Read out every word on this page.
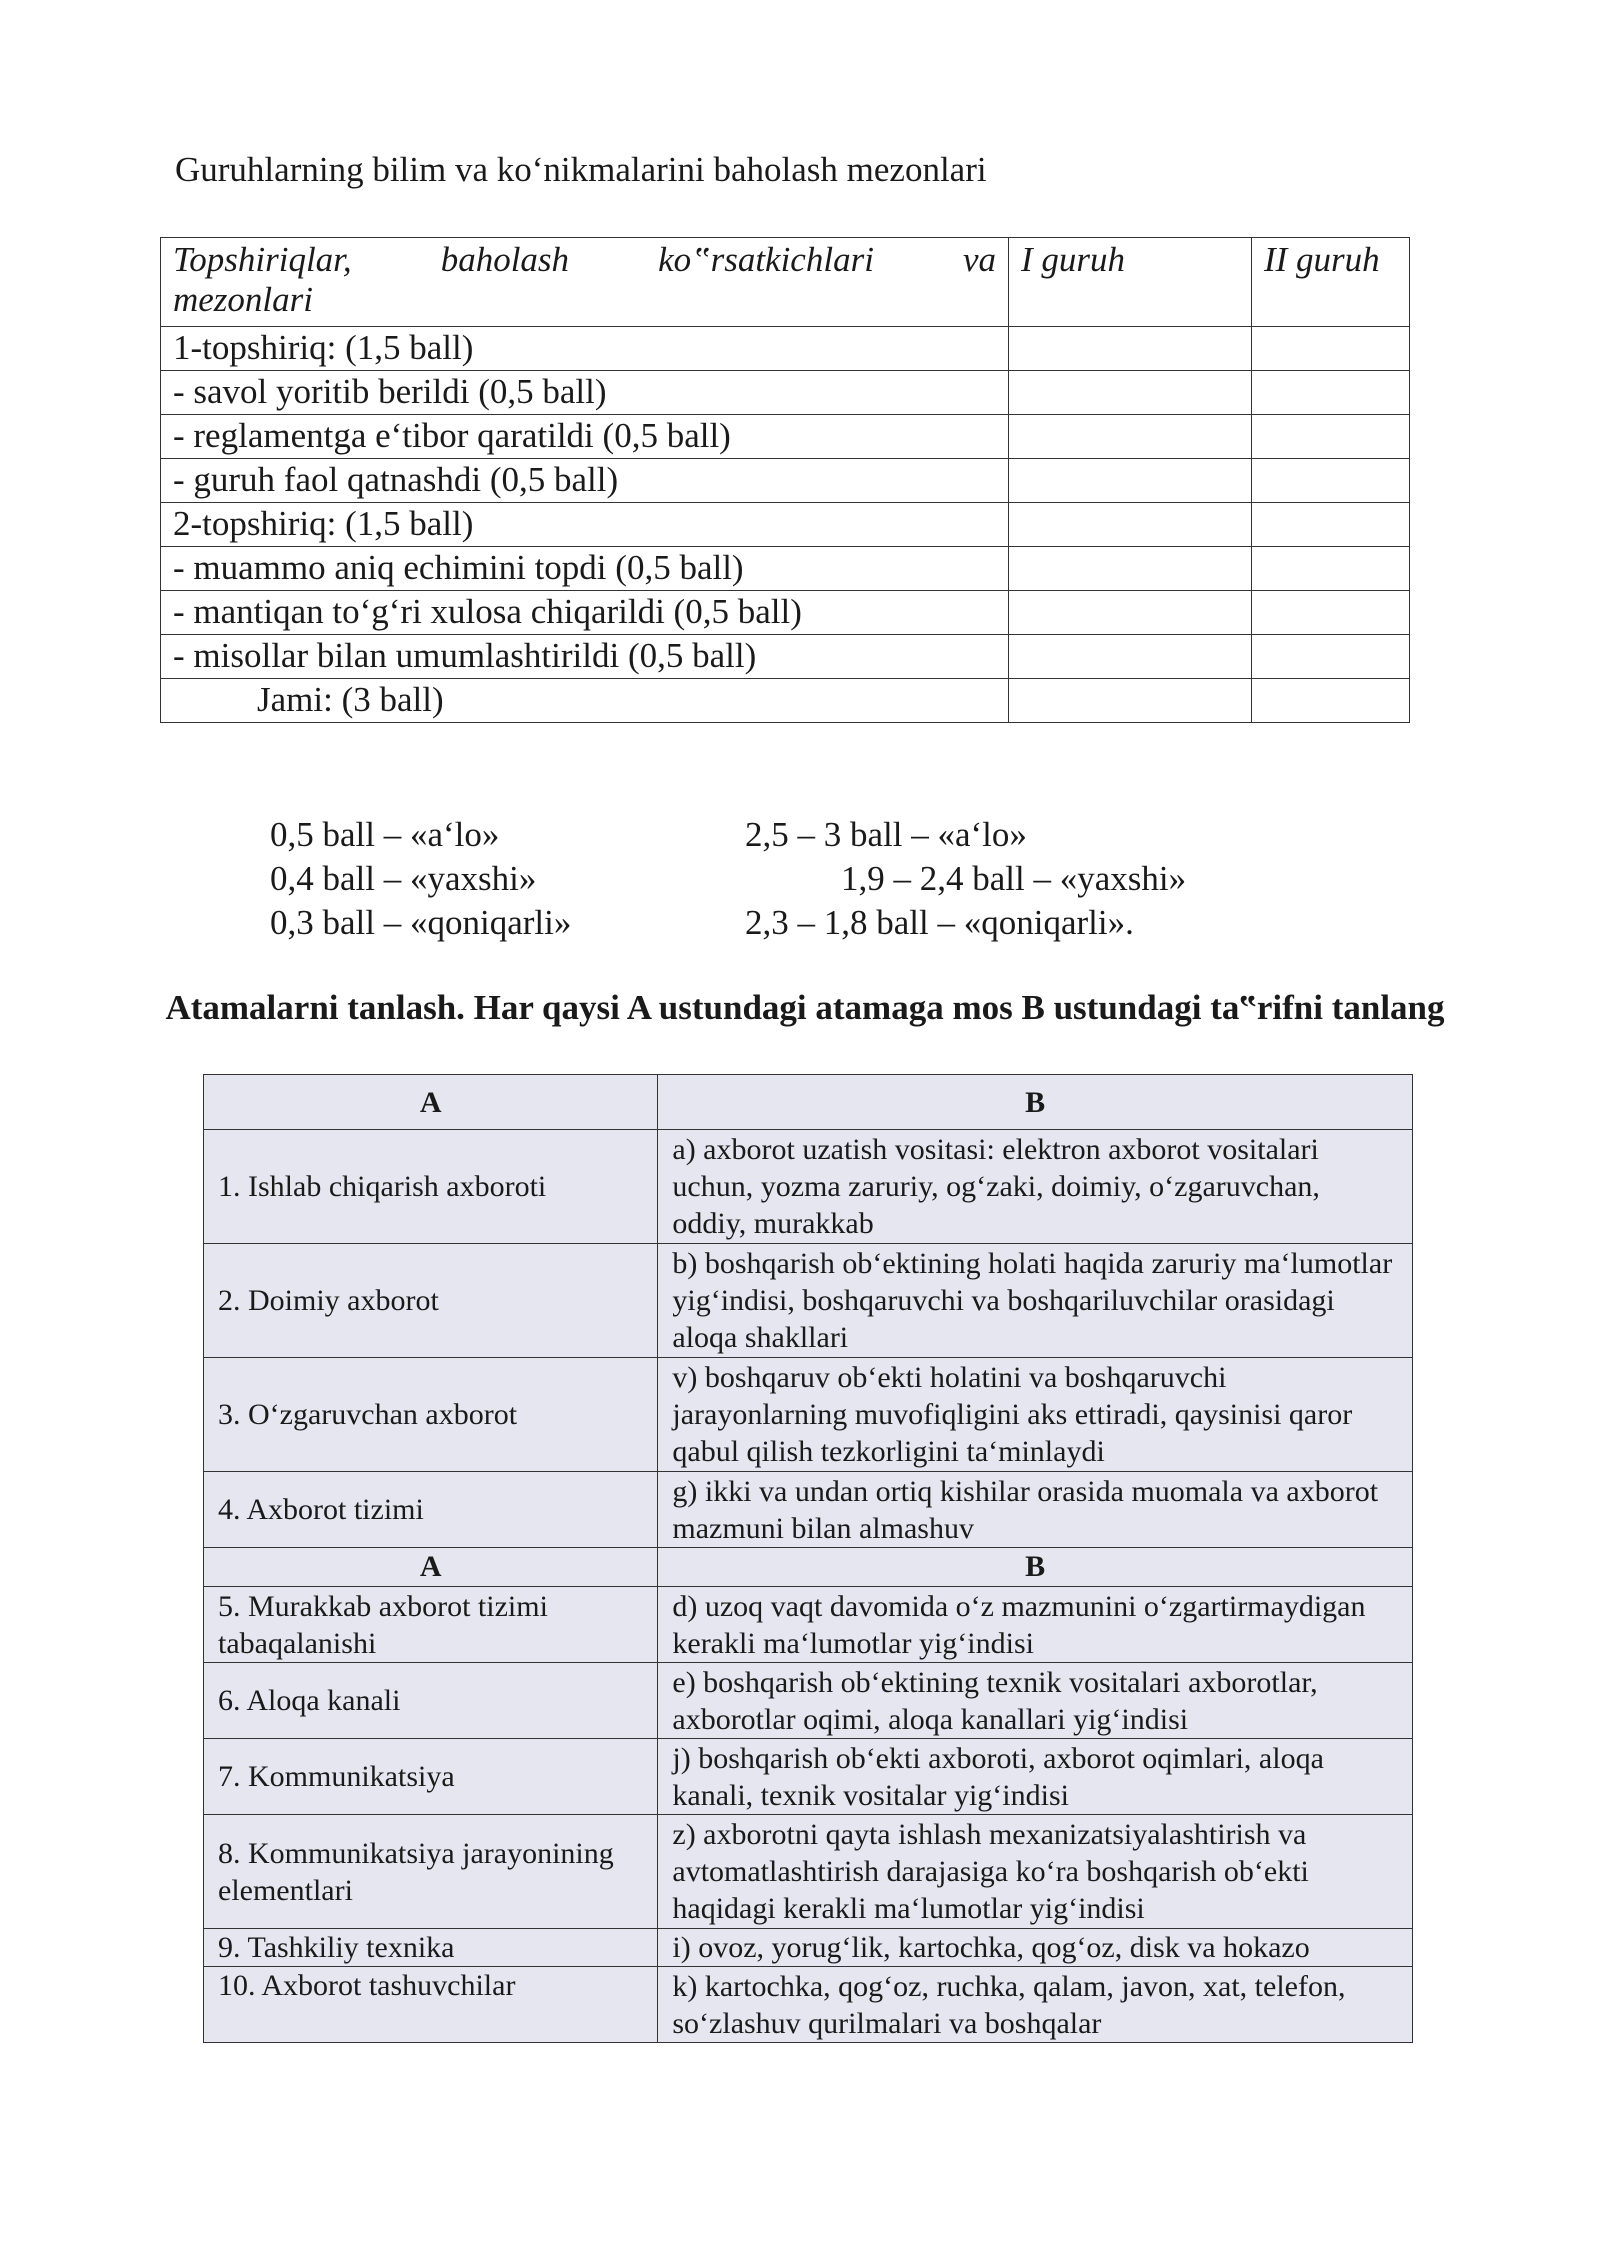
Guruhlarning bilim va ko‘nikmalarini baholash mezonlari
Topshiriqlar, baholash ko‟rsatkichlari va
mezonlari	I guruh	II guruh
1-topshiriq: (1,5 ball)		
- savol yoritib berildi (0,5 ball)		
- reglamentga e‘tibor qaratildi (0,5 ball)		
- guruh faol qatnashdi (0,5 ball)		
2-topshiriq: (1,5 ball)		
- muammo aniq echimini topdi (0,5 ball)		
- mantiqan to‘g‘ri xulosa chiqarildi (0,5 ball)		
- misollar bilan umumlashtirildi (0,5 ball)		
Jami: (3 ball)		
0,5 ball – «a‘lo»
0,4 ball – «yaxshi»
0,3 ball – «qoniqarli»
2,5 – 3 ball – «a‘lo»
1,9 – 2,4 ball – «yaxshi»
2,3 – 1,8 ball – «qoniqarli».
Atamalarni tanlash. Har qaysi A ustundagi atamaga mos B ustundagi ta‟rifni tanlang
A	B
1. Ishlab chiqarish axboroti	a) axborot uzatish vositasi: elektron axborot vositalari uchun, yozma zaruriy, og‘zaki, doimiy, o‘zgaruvchan, oddiy, murakkab
2. Doimiy axborot	b) boshqarish ob‘ektining holati haqida zaruriy ma‘lumotlar yig‘indisi, boshqaruvchi va boshqariluvchilar orasidagi aloqa shakllari
3. O‘zgaruvchan axborot	v) boshqaruv ob‘ekti holatini va boshqaruvchi jarayonlarning muvofiqligini aks ettiradi, qaysinisi qaror qabul qilish tezkorligini ta‘minlaydi
4. Axborot tizimi	g) ikki va undan ortiq kishilar orasida muomala va axborot mazmuni bilan almashuv
A	B
5. Murakkab axborot tizimi tabaqalanishi	d) uzoq vaqt davomida o‘z mazmunini o‘zgartirmaydigan kerakli ma‘lumotlar yig‘indisi
6. Aloqa kanali	e) boshqarish ob‘ektining texnik vositalari axborotlar, axborotlar oqimi, aloqa kanallari yig‘indisi
7. Kommunikatsiya	j) boshqarish ob‘ekti axboroti, axborot oqimlari, aloqa kanali, texnik vositalar yig‘indisi
8. Kommunikatsiya jarayonining elementlari	z) axborotni qayta ishlash mexanizatsiyalashtirish va avtomatlashtirish darajasiga ko‘ra boshqarish ob‘ekti haqidagi kerakli ma‘lumotlar yig‘indisi
9. Tashkiliy texnika	i) ovoz, yorug‘lik, kartochka, qog‘oz, disk va hokazo
10. Axborot tashuvchilar	k) kartochka, qog‘oz, ruchka, qalam, javon, xat, telefon, so‘zlashuv qurilmalari va boshqalar
